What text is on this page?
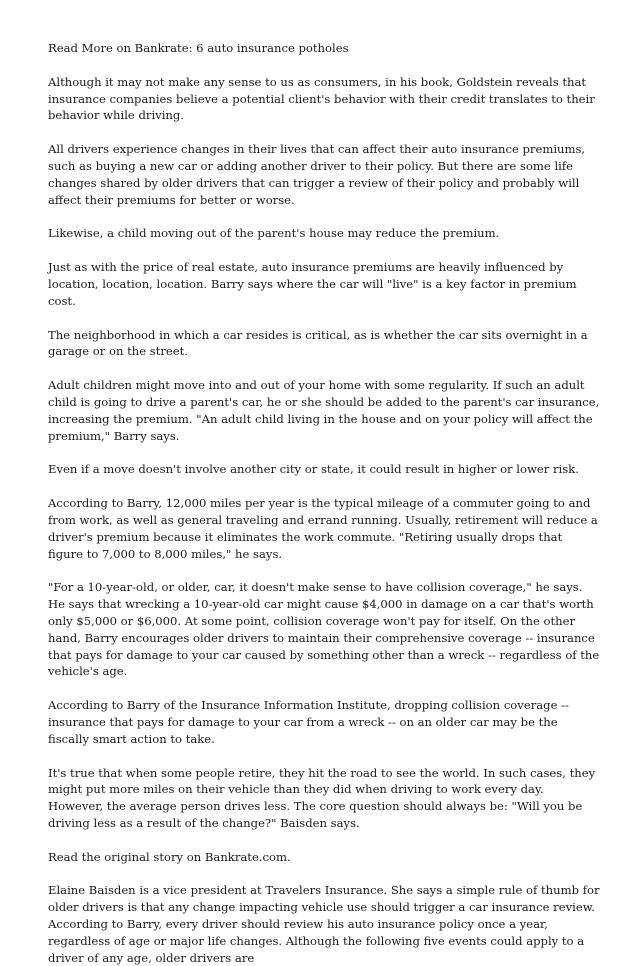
Read More on Bankrate: 6 auto insurance potholes

Although it may not make any sense to us as consumers, in his book, Goldstein reveals that insurance companies believe a potential client's behavior with their credit translates to their behavior while driving.

All drivers experience changes in their lives that can affect their auto insurance premiums, such as buying a new car or adding another driver to their policy. But there are some life changes shared by older drivers that can trigger a review of their policy and probably will affect their premiums for better or worse.

Likewise, a child moving out of the parent's house may reduce the premium.

Just as with the price of real estate, auto insurance premiums are heavily influenced by location, location, location. Barry says where the car will "live" is a key factor in premium cost.

The neighborhood in which a car resides is critical, as is whether the car sits overnight in a garage or on the street.

Adult children might move into and out of your home with some regularity. If such an adult child is going to drive a parent's car, he or she should be added to the parent's car insurance, increasing the premium. "An adult child living in the house and on your policy will affect the premium," Barry says.

Even if a move doesn't involve another city or state, it could result in higher or lower risk.

According to Barry, 12,000 miles per year is the typical mileage of a commuter going to and from work, as well as general traveling and errand running. Usually, retirement will reduce a driver's premium because it eliminates the work commute. "Retiring usually drops that figure to 7,000 to 8,000 miles," he says.

"For a 10-year-old, or older, car, it doesn't make sense to have collision coverage," he says. He says that wrecking a 10-year-old car might cause $4,000 in damage on a car that's worth only $5,000 or $6,000. At some point, collision coverage won't pay for itself. On the other hand, Barry encourages older drivers to maintain their comprehensive coverage -- insurance that pays for damage to your car caused by something other than a wreck -- regardless of the vehicle's age.

According to Barry of the Insurance Information Institute, dropping collision coverage -- insurance that pays for damage to your car from a wreck -- on an older car may be the fiscally smart action to take.

It's true that when some people retire, they hit the road to see the world. In such cases, they might put more miles on their vehicle than they did when driving to work every day. However, the average person drives less. The core question should always be: "Will you be driving less as a result of the change?" Baisden says.

Read the original story on Bankrate.com.

Elaine Baisden is a vice president at Travelers Insurance. She says a simple rule of thumb for older drivers is that any change impacting vehicle use should trigger a car insurance review. According to Barry, every driver should review his auto insurance policy once a year, regardless of age or major life changes. Although the following five events could apply to a driver of any age, older drivers are
